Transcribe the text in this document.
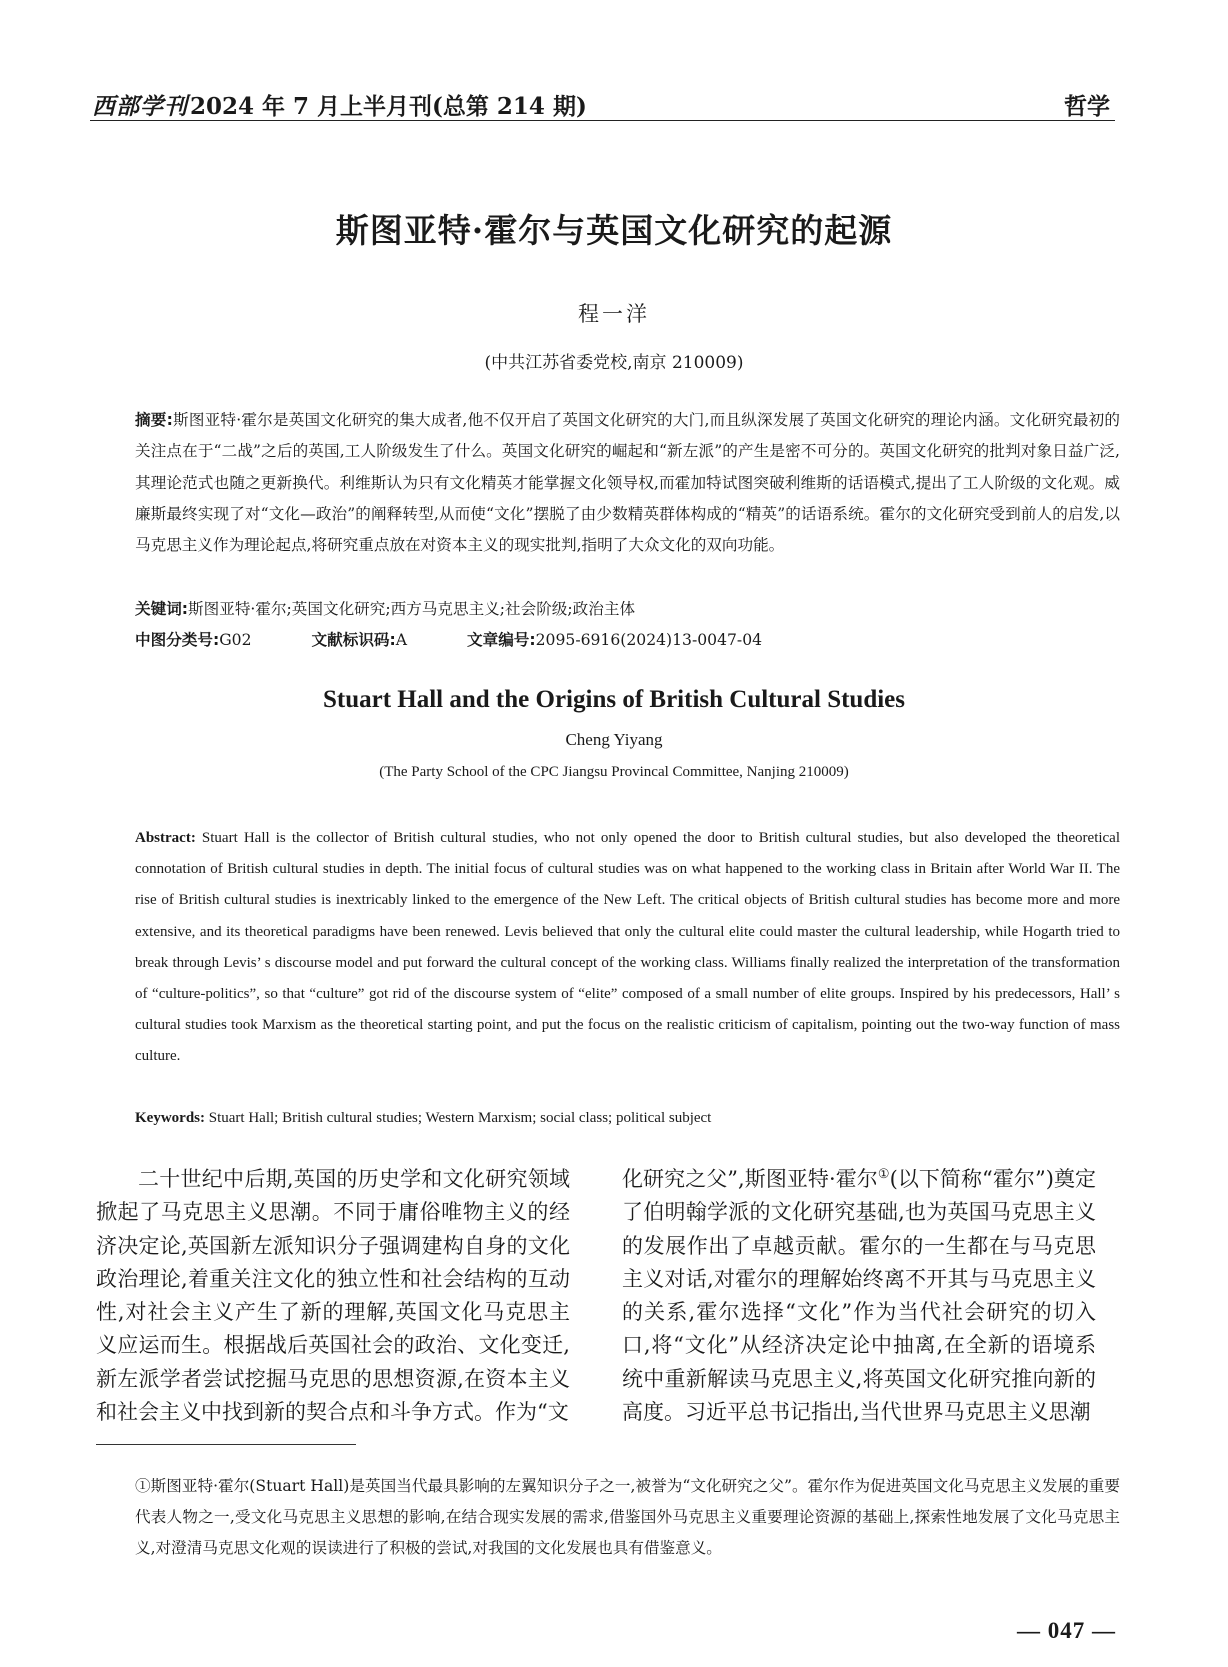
西部学刊2024 年 7 月上半月刊(总第 214 期)	哲学
斯图亚特·霍尔与英国文化研究的起源
程一洋
(中共江苏省委党校,南京 210009)
摘要:斯图亚特·霍尔是英国文化研究的集大成者,他不仅开启了英国文化研究的大门,而且纵深发展了英国文化研究的理论内涵。文化研究最初的关注点在于“二战”之后的英国,工人阶级发生了什么。英国文化研究的崛起和“新左派”的产生是密不可分的。英国文化研究的批判对象日益广泛,其理论范式也随之更新换代。利维斯认为只有文化精英才能掌握文化领导权,而霍加特试图突破利维斯的话语模式,提出了工人阶级的文化观。威廉斯最终实现了对“文化—政治”的阐释转型,从而使“文化”摆脱了由少数精英群体构成的“精英”的话语系统。霍尔的文化研究受到前人的启发,以马克思主义作为理论起点,将研究重点放在对资本主义的现实批判,指明了大众文化的双向功能。
关键词:斯图亚特·霍尔;英国文化研究;西方马克思主义;社会阶级;政治主体
中图分类号:G02	文献标识码:A	文章编号:2095-6916(2024)13-0047-04
Stuart Hall and the Origins of British Cultural Studies
Cheng Yiyang
(The Party School of the CPC Jiangsu Provincal Committee, Nanjing 210009)
Abstract: Stuart Hall is the collector of British cultural studies, who not only opened the door to British cultural studies, but also developed the theoretical connotation of British cultural studies in depth. The initial focus of cultural studies was on what happened to the working class in Britain after World War II. The rise of British cultural studies is inextricably linked to the emergence of the New Left. The critical objects of British cultural studies has become more and more extensive, and its theoretical paradigms have been renewed. Levis believed that only the cultural elite could master the cultural leadership, while Hogarth tried to break through Levis’ s discourse model and put forward the cultural concept of the working class. Williams finally realized the interpretation of the transformation of “culture-politics”, so that “culture” got rid of the discourse system of “elite” composed of a small number of elite groups. Inspired by his predecessors, Hall’ s cultural studies took Marxism as the theoretical starting point, and put the focus on the realistic criticism of capitalism, pointing out the two-way function of mass culture.
Keywords: Stuart Hall; British cultural studies; Western Marxism; social class; political subject
二十世纪中后期,英国的历史学和文化研究领域掀起了马克思主义思潮。不同于庸俗唯物主义的经济决定论,英国新左派知识分子强调建构自身的文化政治理论,着重关注文化的独立性和社会结构的互动性,对社会主义产生了新的理解,英国文化马克思主义应运而生。根据战后英国社会的政治、文化变迁,新左派学者尝试挖掘马克思的思想资源,在资本主义和社会主义中找到新的契合点和斗争方式。作为“文
化研究之父”,斯图亚特·霍尔①(以下简称“霍尔”)奠定了伯明翰学派的文化研究基础,也为英国马克思主义的发展作出了卓越贡献。霍尔的一生都在与马克思主义对话,对霍尔的理解始终离不开其与马克思主义的关系,霍尔选择“文化”作为当代社会研究的切入口,将“文化”从经济决定论中抽离,在全新的语境系统中重新解读马克思主义,将英国文化研究推向新的高度。习近平总书记指出,当代世界马克思主义思潮
①斯图亚特·霍尔(Stuart Hall)是英国当代最具影响的左翼知识分子之一,被誉为“文化研究之父”。霍尔作为促进英国文化马克思主义发展的重要代表人物之一,受文化马克思主义思想的影响,在结合现实发展的需求,借鉴国外马克思主义重要理论资源的基础上,探索性地发展了文化马克思主义,对澄清马克思文化观的误读进行了积极的尝试,对我国的文化发展也具有借鉴意义。
— 047 —
